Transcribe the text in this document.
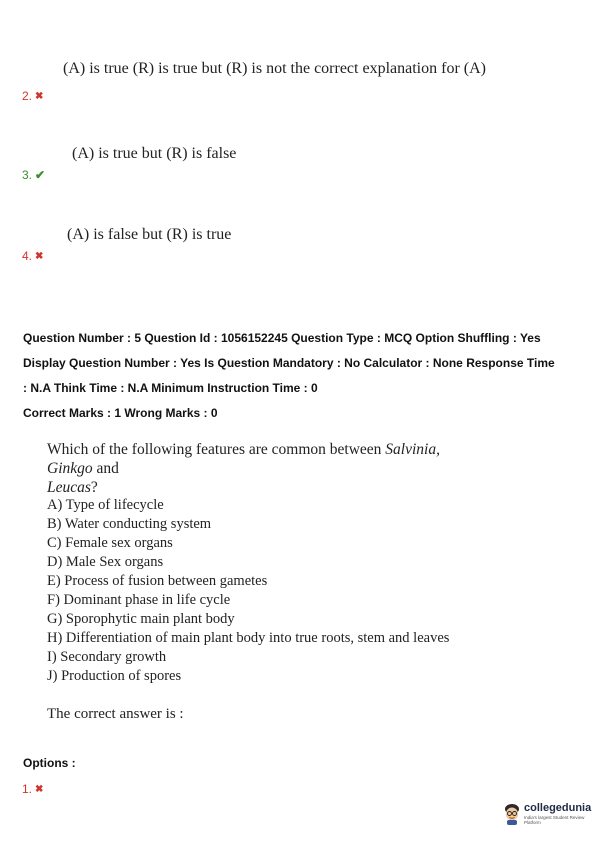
(A) is true (R) is true but (R) is not the correct explanation for (A)
2. ✖
(A) is true but (R) is false
3. ✔
(A) is false but (R) is true
4. ✖
Question Number : 5 Question Id : 1056152245 Question Type : MCQ Option Shuffling : Yes
Display Question Number : Yes Is Question Mandatory : No Calculator : None Response Time
: N.A Think Time : N.A Minimum Instruction Time : 0
Correct Marks : 1 Wrong Marks : 0
Which of the following features are common between Salvinia, Ginkgo and
Leucas?
A) Type of lifecycle
B) Water conducting system
C) Female sex organs
D) Male Sex organs
E) Process of fusion between gametes
F) Dominant phase in life cycle
G) Sporophytic main plant body
H) Differentiation of main plant body into true roots, stem and leaves
I) Secondary growth
J) Production of spores
The correct answer is :
Options :
1. ✖
collegedunia
India's largest Student Review Platform
